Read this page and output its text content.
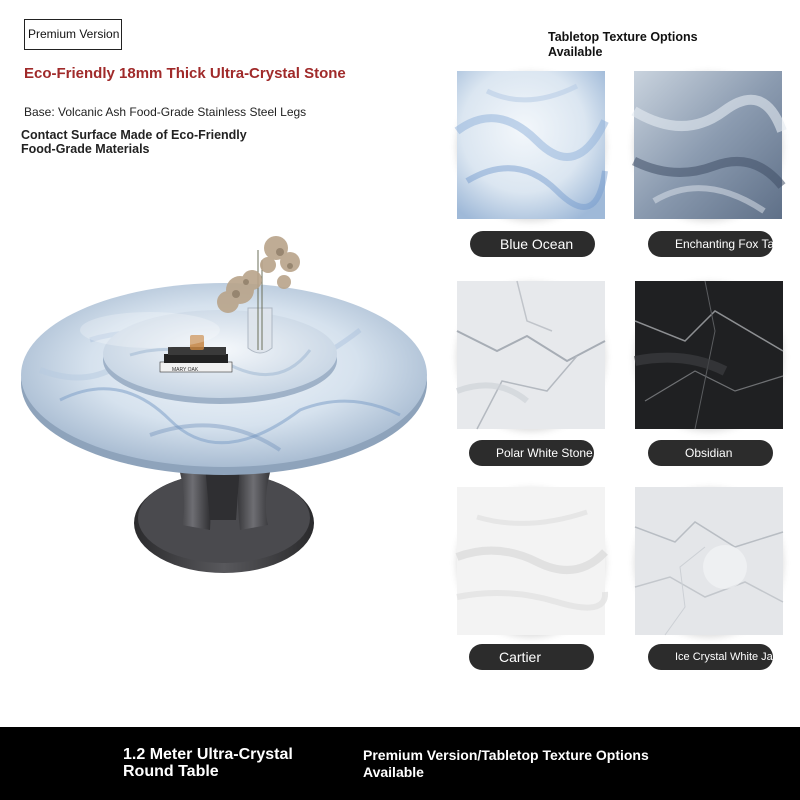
Premium Version
Eco-Friendly 18mm Thick Ultra-Crystal Stone
Base: Volcanic Ash Food-Grade Stainless Steel Legs
Contact Surface Made of Eco-Friendly Food-Grade Materials
MARY OAK
Tabletop Texture Options Available
Blue Ocean	Enchanting Fox Tail
Polar White Stone	Obsidian
Cartier	Ice Crystal White Jade
1.2 Meter Ultra-Crystal Round Table
Premium Version/Tabletop Texture Options Available
